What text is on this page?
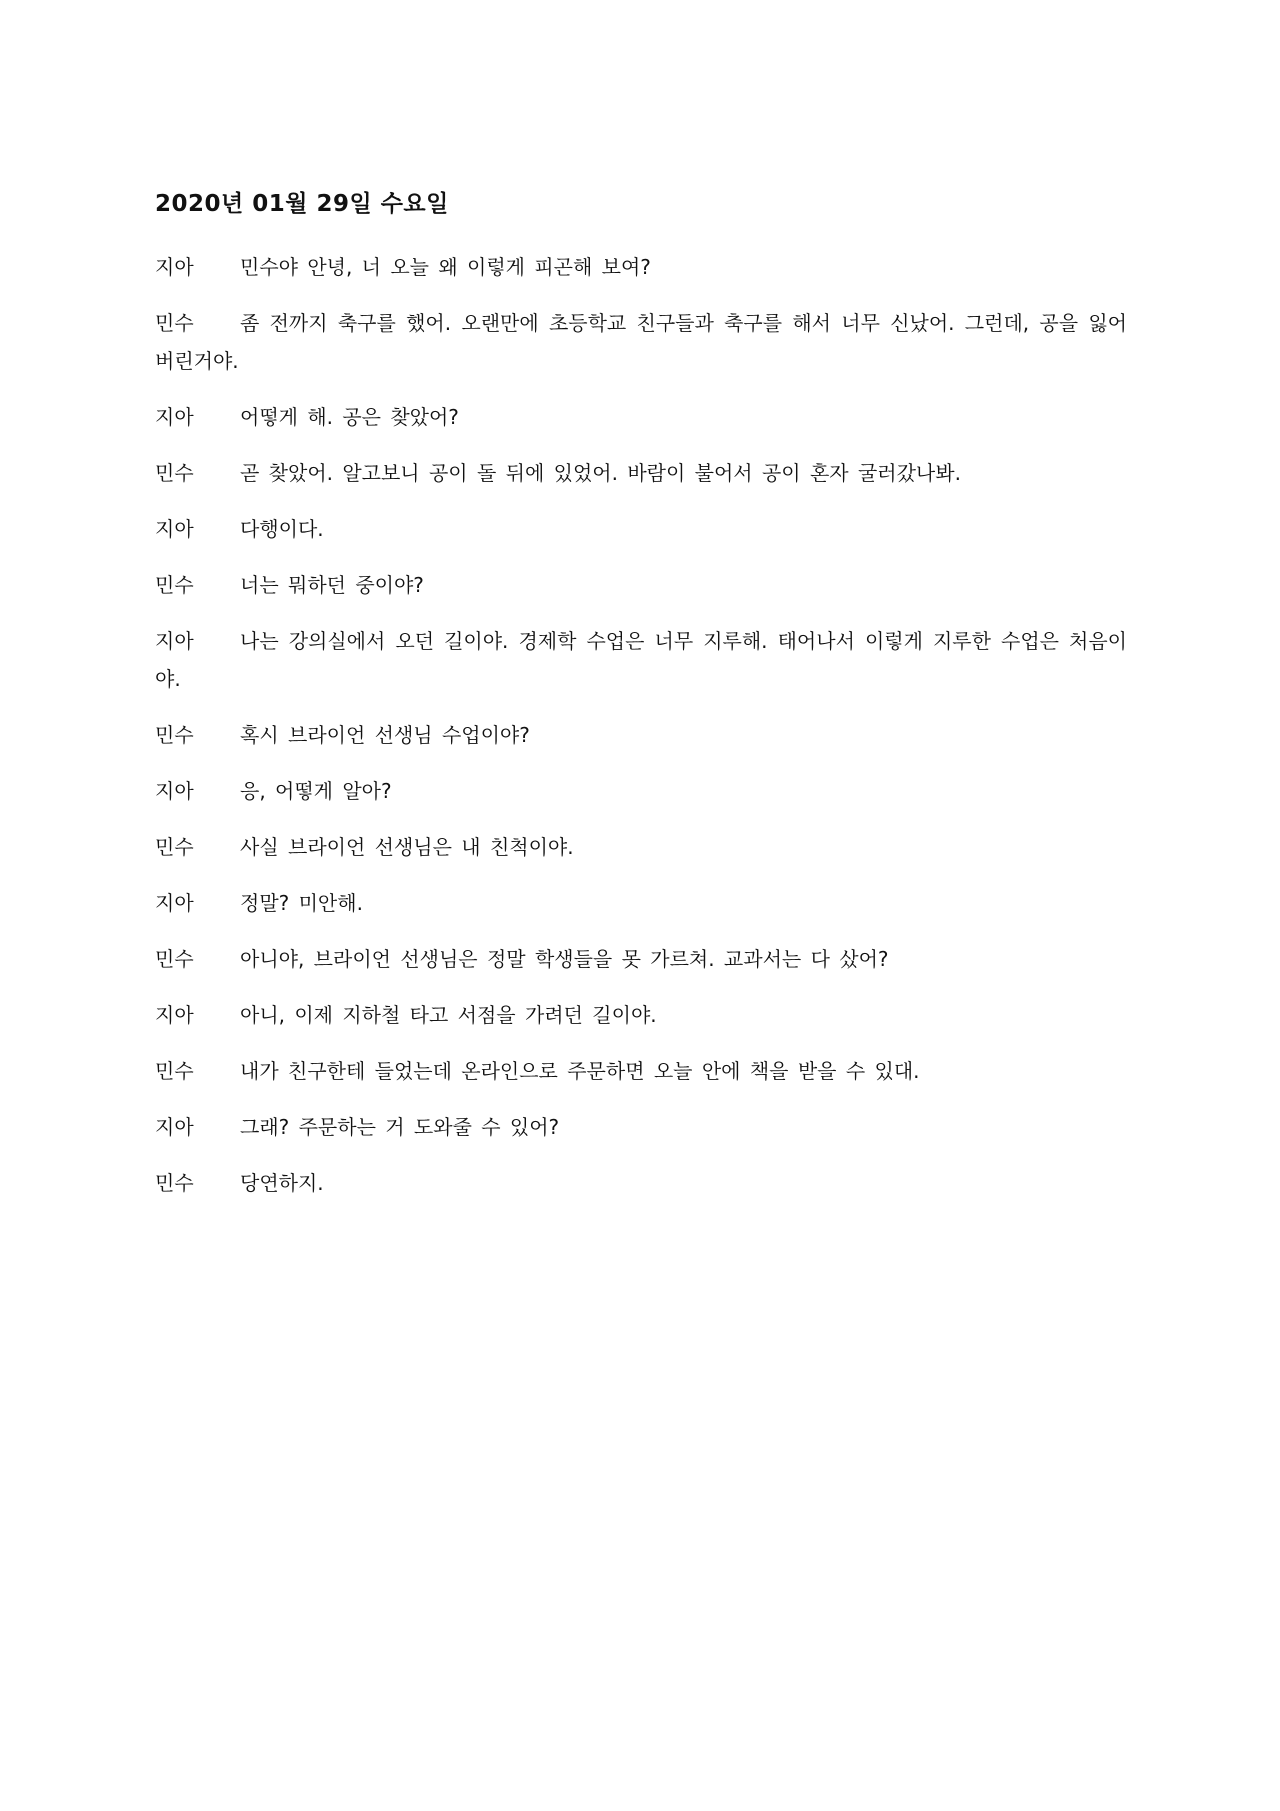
2020년 01월 29일 수요일

지아 민수야 안녕, 너 오늘 왜 이렇게 피곤해 보여?

민수 좀 전까지 축구를 했어. 오랜만에 초등학교 친구들과 축구를 해서 너무 신났어. 그런데, 공을 잃어버린거야.

지아 어떻게 해. 공은 찾았어?

민수 곧 찾았어. 알고보니 공이 돌 뒤에 있었어. 바람이 불어서 공이 혼자 굴러갔나봐.

지아 다행이다.

민수 너는 뭐하던 중이야?

지아 나는 강의실에서 오던 길이야. 경제학 수업은 너무 지루해. 태어나서 이렇게 지루한 수업은 처음이야.

민수 혹시 브라이언 선생님 수업이야?

지아 응, 어떻게 알아?

민수 사실 브라이언 선생님은 내 친척이야.

지아 정말? 미안해.

민수 아니야, 브라이언 선생님은 정말 학생들을 못 가르쳐. 교과서는 다 샀어?

지아 아니, 이제 지하철 타고 서점을 가려던 길이야.

민수 내가 친구한테 들었는데 온라인으로 주문하면 오늘 안에 책을 받을 수 있대.

지아 그래? 주문하는 거 도와줄 수 있어?

민수 당연하지.
